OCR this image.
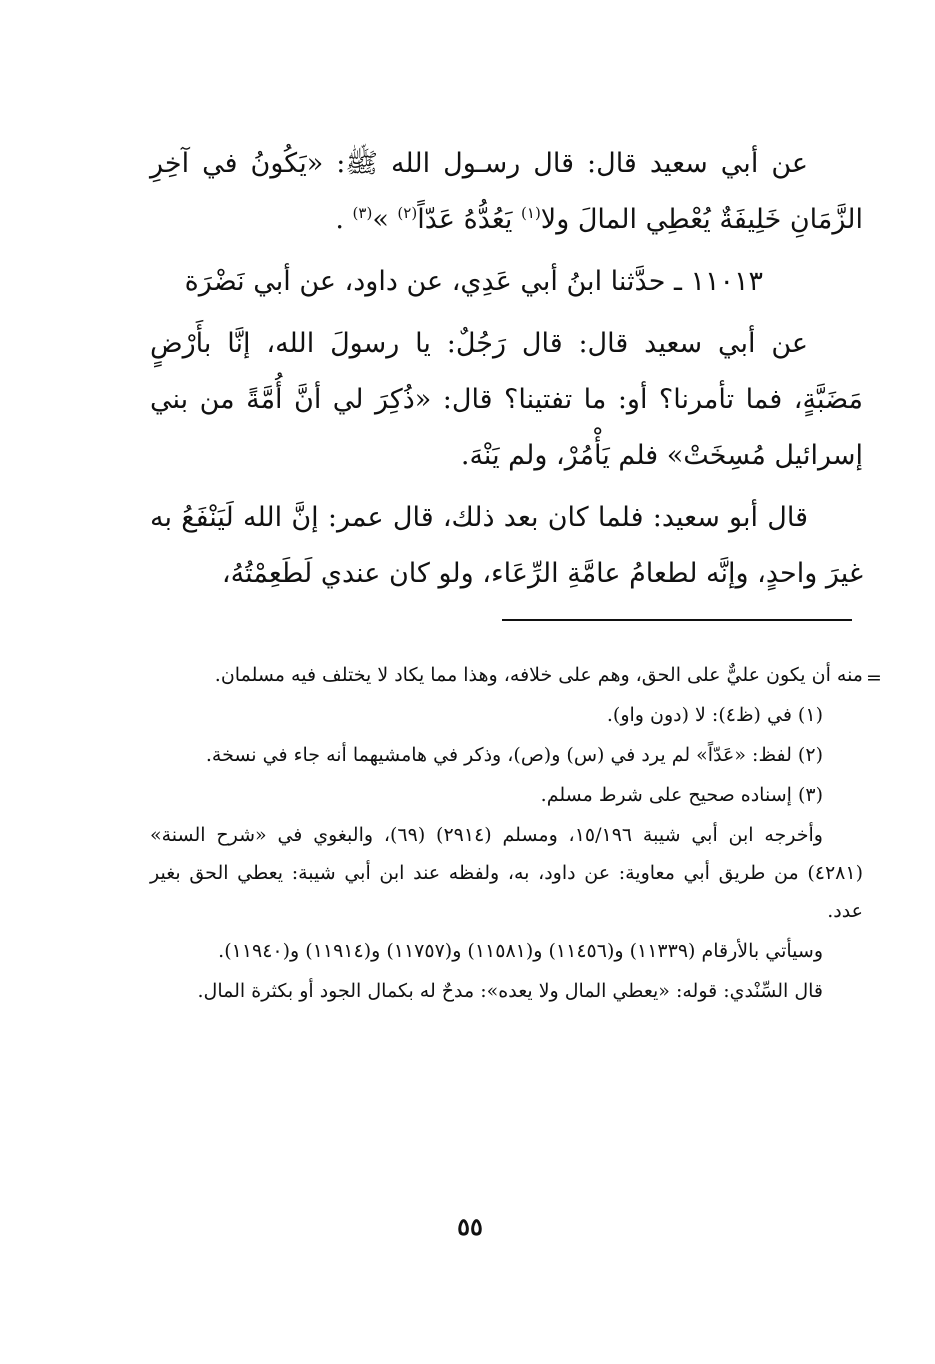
عن أبي سعيد قال: قال رسـول الله ﷺ: «يَكُونُ في آخِرِ الزَّمَانِ خَلِيفَةٌ يُعْطِي المالَ ولا$^{(١)}$ يَعُدُّهُ عَدّاً$^{(٢)}$ »$^{(٣)}$ .

١١٠١٣ ـ حدَّثنا ابنُ أبي عَدِي، عن داود، عن أبي نَضْرَة

عن أبي سعيد قال: قال رَجُلٌ: يا رسولَ الله، إنَّا بأَرْضٍ مَضَبَّةٍ، فما تأمرنا؟ أو: ما تفتينا؟ قال: «ذُكِرَ لي أنَّ أُمَّةً من بني إسرائيل مُسِخَتْ» فلم يَأْمُرْ، ولم يَنْهَ.

قال أبو سعيد: فلما كان بعد ذلك، قال عمر: إنَّ الله لَيَنْفَعُ به غيرَ واحدٍ، وإنَّه لطعامُ عامَّةِ الرِّعَاء، ولو كان عندي لَطَعِمْتُهُ،

=

منه أن يكون عليٌّ على الحق، وهم على خلافه، وهذا مما يكاد لا يختلف فيه مسلمان.

(١) في (ظ٤): لا (دون واو).

(٢) لفظ: «عَدّاً» لم يرد في (س) و(ص)، وذكر في هامشيهما أنه جاء في نسخة.

(٣) إسناده صحيح على شرط مسلم.

وأخرجه ابن أبي شيبة ١٥/١٩٦، ومسلم (٢٩١٤) (٦٩)، والبغوي في «شرح السنة» (٤٢٨١) من طريق أبي معاوية: عن داود، به، ولفظه عند ابن أبي شيبة: يعطي الحق بغير عدد.

وسيأتي بالأرقام (١١٣٣٩) و(١١٤٥٦) و(١١٥٨١) و(١١٧٥٧) و(١١٩١٤) و(١١٩٤٠).

قال السِّنْدي: قوله: «يعطي المال ولا يعده»: مدحٌ له بكمال الجود أو بكثرة المال.

٥٥
